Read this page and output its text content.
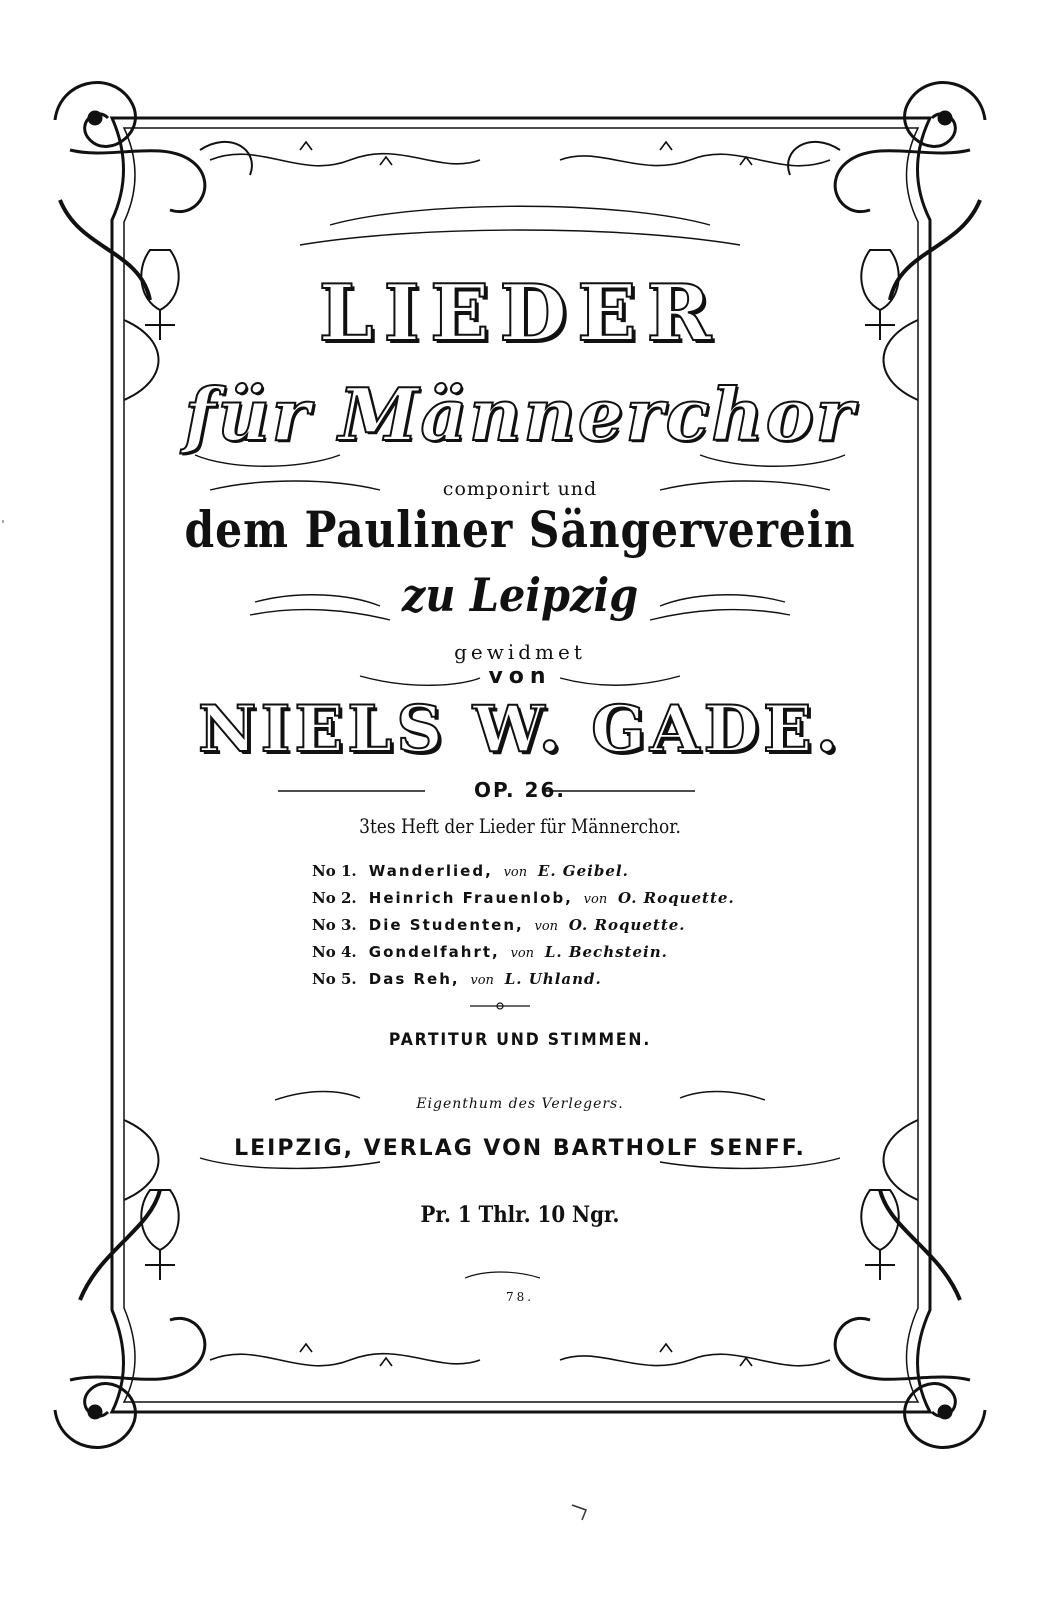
LIEDER
für Männerchor
componirt und
dem Pauliner Sängerverein
zu Leipzig
gewidmet
von
NIELS W. GADE.
OP. 26.
3tes Heft der Lieder für Männerchor.
No 1. Wanderlied, von E. Geibel.
No 2. Heinrich Frauenlob, von O. Roquette.
No 3. Die Studenten, von O. Roquette.
No 4. Gondelfahrt, von L. Bechstein.
No 5. Das Reh, von L. Uhland.
PARTITUR UND STIMMEN.
Eigenthum des Verlegers.
LEIPZIG, VERLAG VON BARTHOLF SENFF.
Pr. 1 Thlr. 10 Ngr.
78.
